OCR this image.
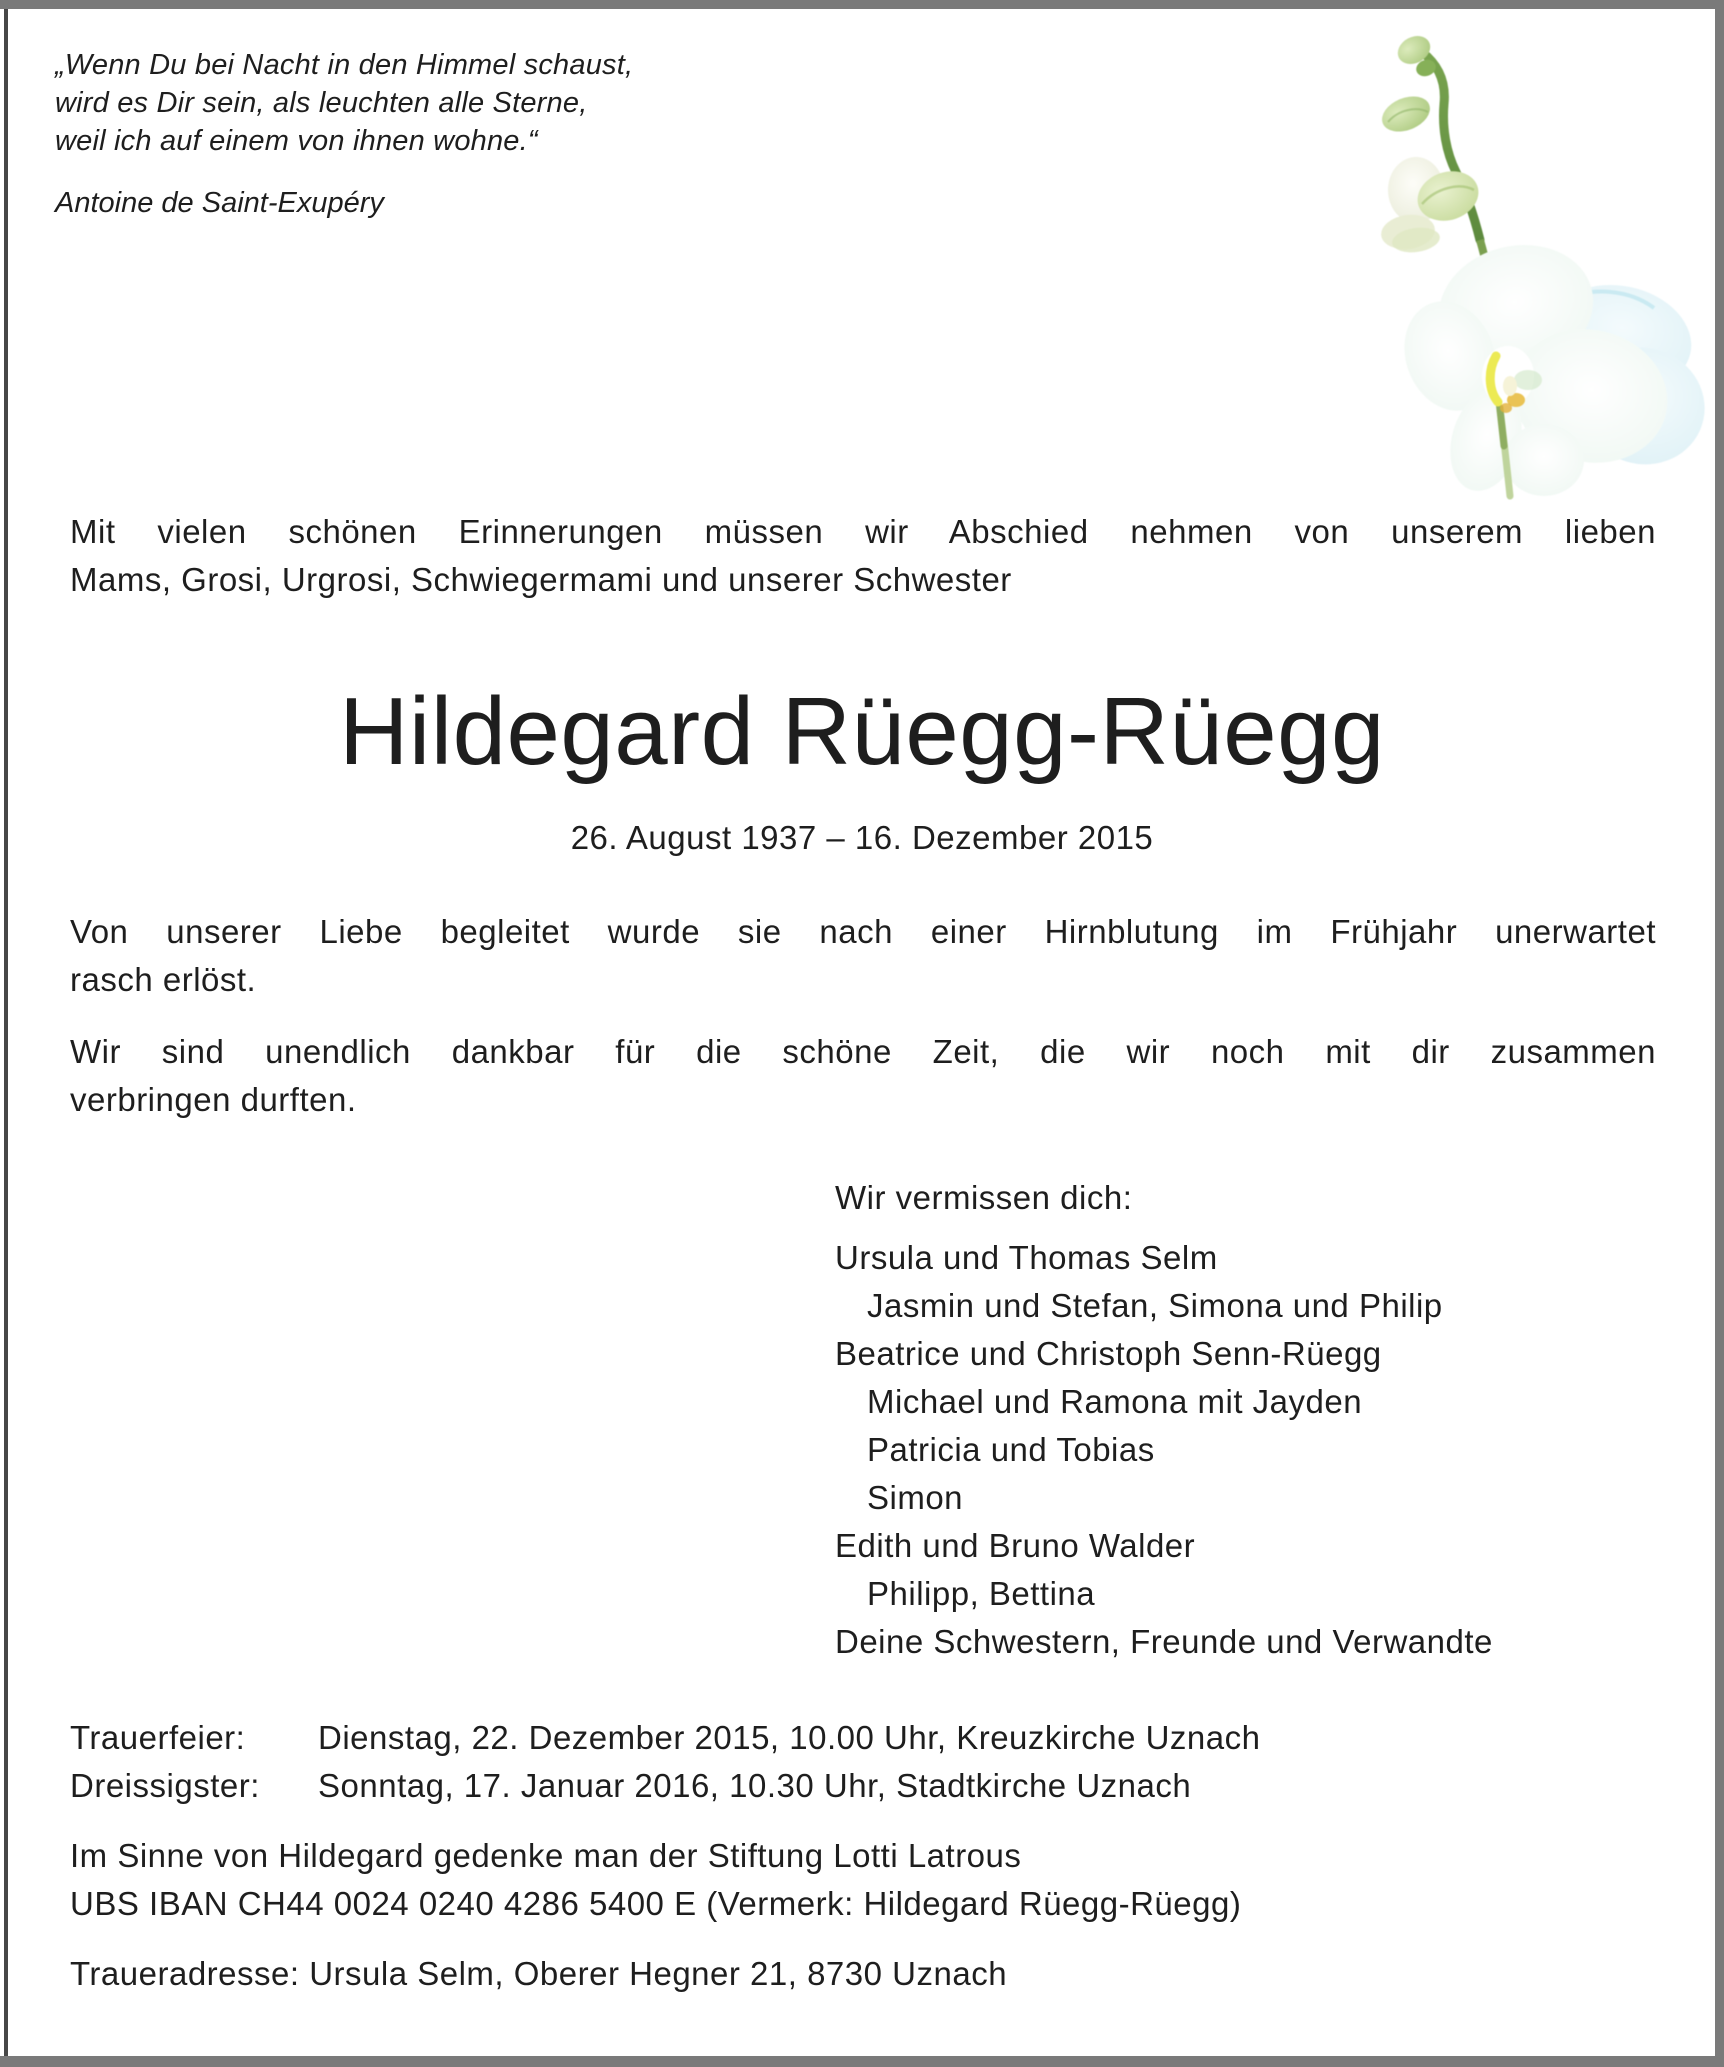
„Wenn Du bei Nacht in den Himmel schaust,
wird es Dir sein, als leuchten alle Sterne,
weil ich auf einem von ihnen wohne.“
Antoine de Saint-Exupéry
Mit vielen schönen Erinnerungen müssen wir Abschied nehmen von unserem lieben
Mams, Grosi, Urgrosi, Schwiegermami und unserer Schwester
Hildegard Rüegg-Rüegg
26. August 1937 – 16. Dezember 2015
Von unserer Liebe begleitet wurde sie nach einer Hirnblutung im Frühjahr unerwartet
rasch erlöst.
Wir sind unendlich dankbar für die schöne Zeit, die wir noch mit dir zusammen
verbringen durften.
Wir vermissen dich:
Ursula und Thomas Selm
Jasmin und Stefan, Simona und Philip
Beatrice und Christoph Senn-Rüegg
Michael und Ramona mit Jayden
Patricia und Tobias
Simon
Edith und Bruno Walder
Philipp, Bettina
Deine Schwestern, Freunde und Verwandte
Trauerfeier:	Dienstag, 22. Dezember 2015, 10.00 Uhr, Kreuzkirche Uznach
Dreissigster:	Sonntag, 17. Januar 2016, 10.30 Uhr, Stadtkirche Uznach
Im Sinne von Hildegard gedenke man der Stiftung Lotti Latrous
UBS IBAN CH44 0024 0240 4286 5400 E (Vermerk: Hildegard Rüegg-Rüegg)
Traueradresse: Ursula Selm, Oberer Hegner 21, 8730 Uznach
